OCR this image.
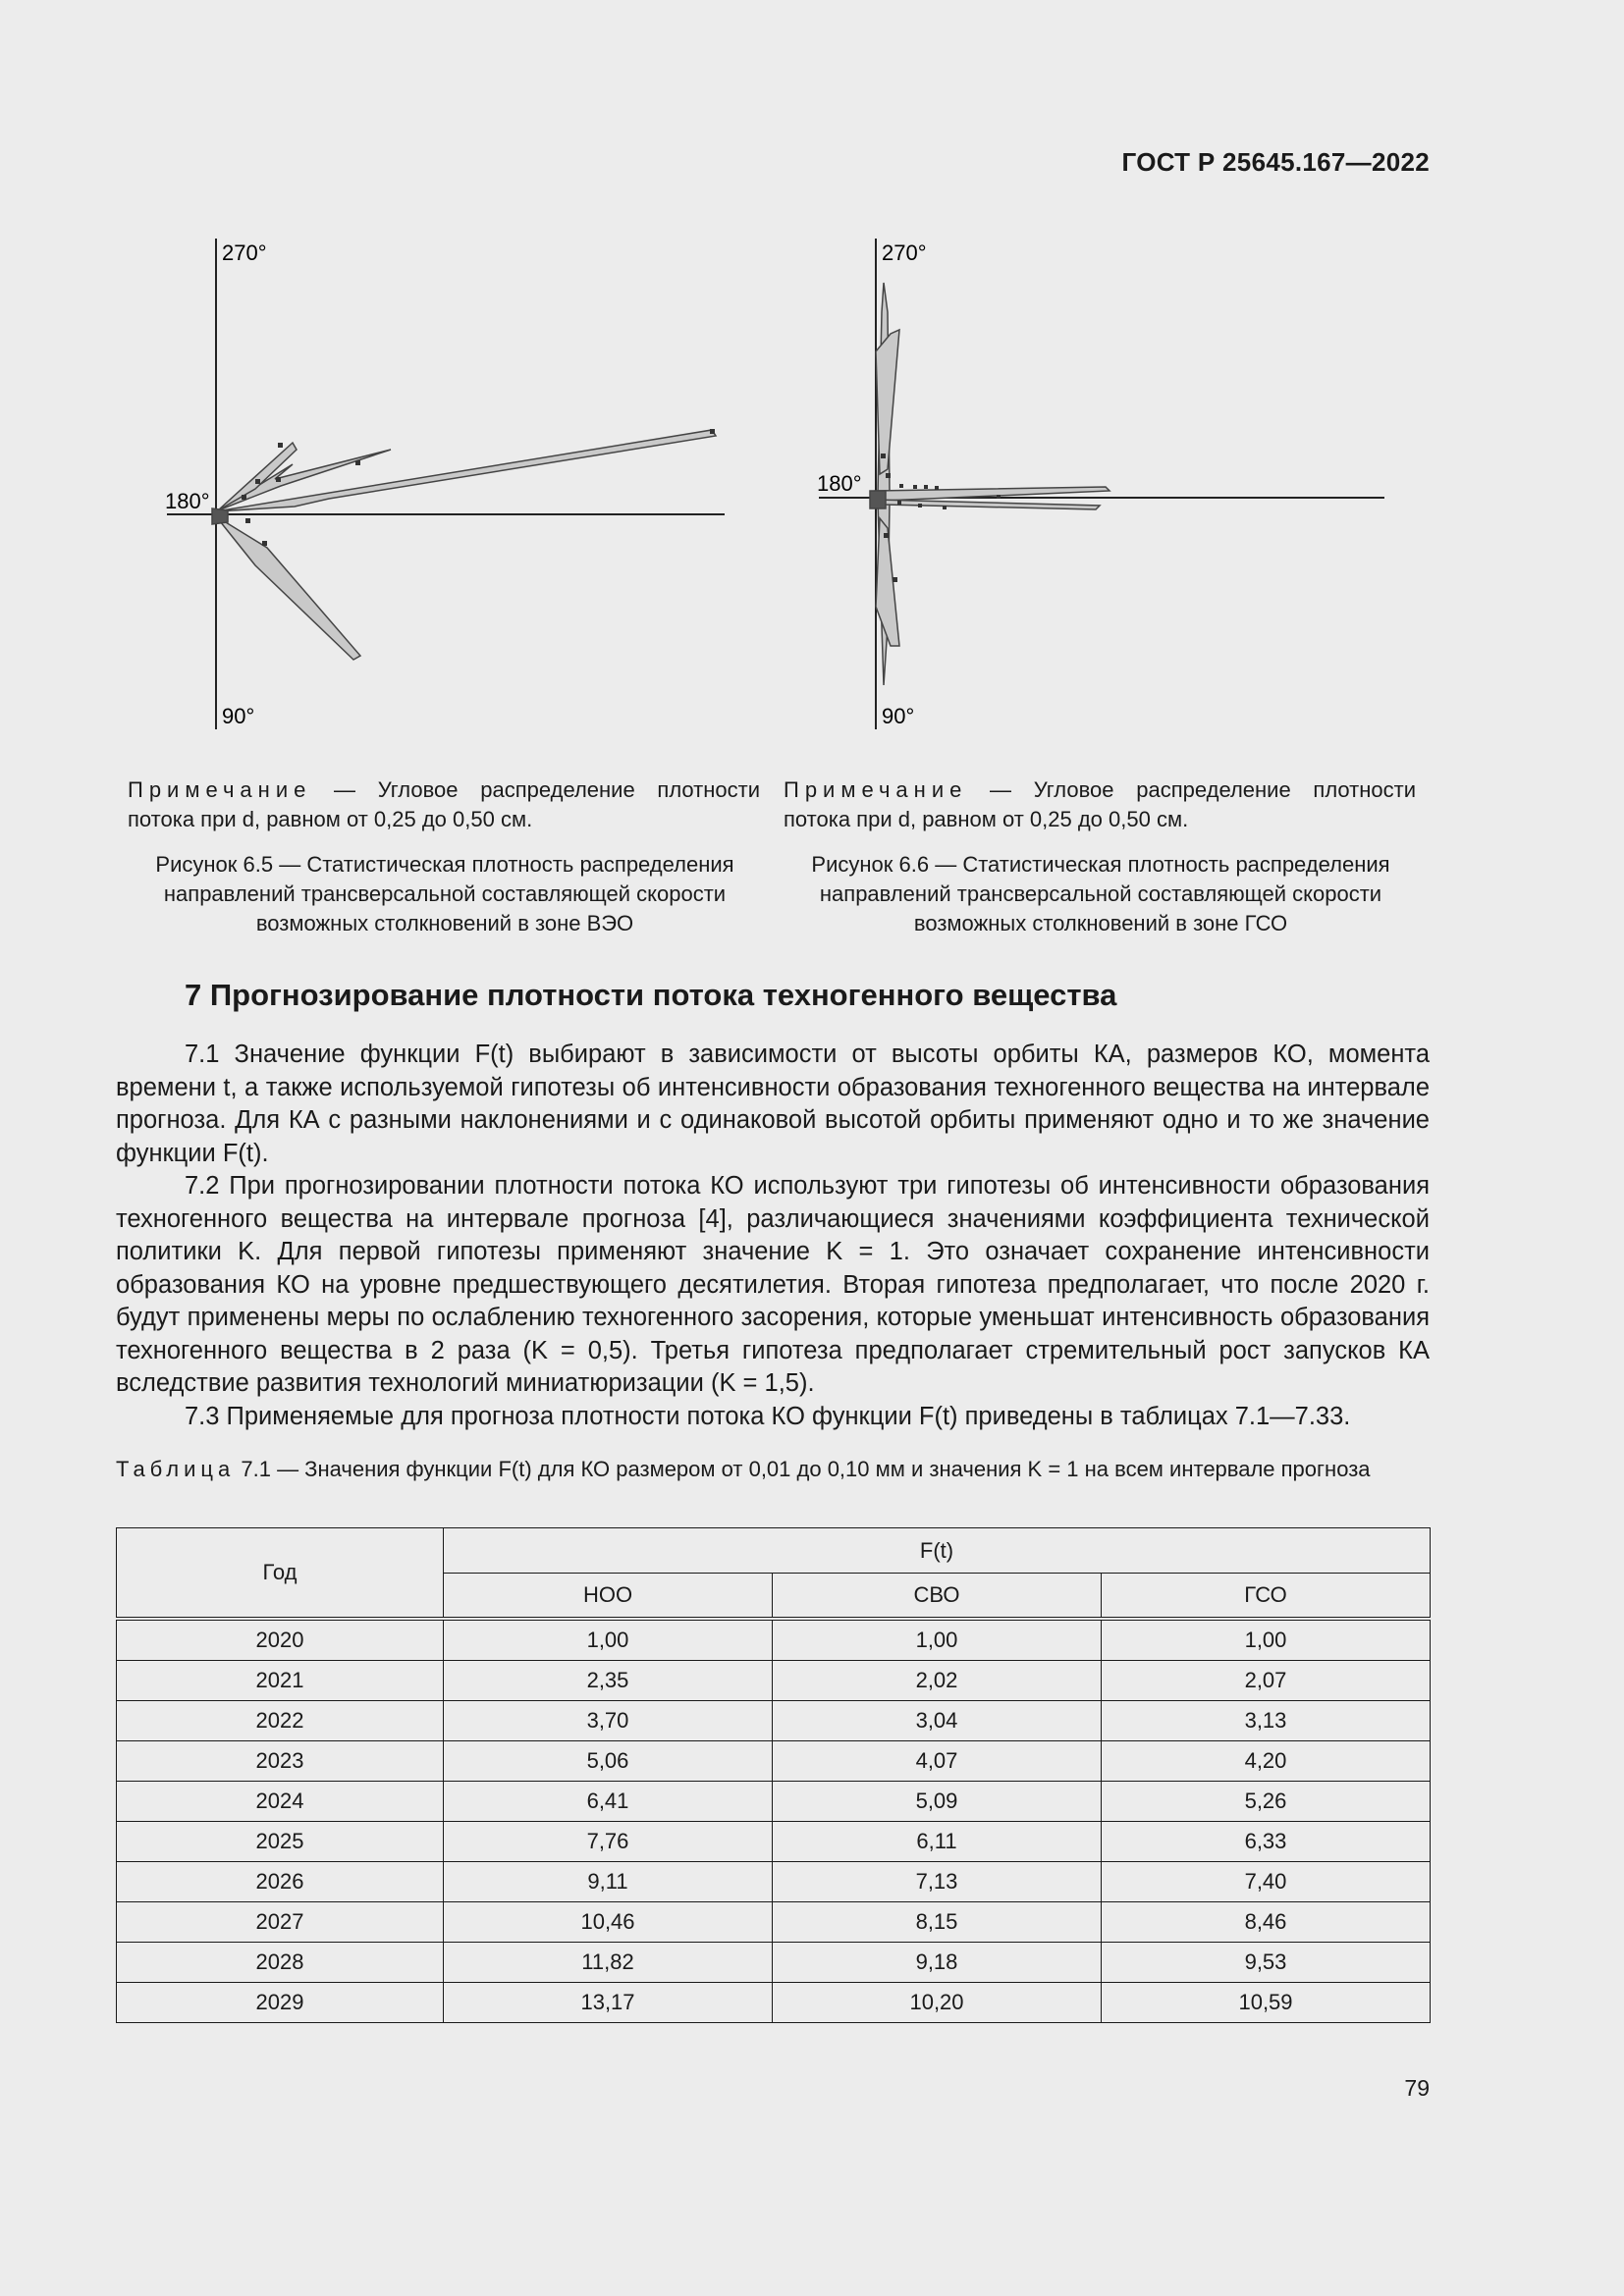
ГОСТ Р 25645.167—2022
270°
180°
90°
Примечание — Угловое распределение плотности потока при d, равном от 0,25 до 0,50 см.
Рисунок 6.5 — Статистическая плотность распределения направлений трансверсальной составляющей скорости возможных столкновений в зоне ВЭО
270°
180°
90°
Примечание — Угловое распределение плотности потока при d, равном от 0,25 до 0,50 см.
Рисунок 6.6 — Статистическая плотность распределения направлений трансверсальной составляющей скорости возможных столкновений в зоне ГСО
7 Прогнозирование плотности потока техногенного вещества

7.1 Значение функции F(t) выбирают в зависимости от высоты орбиты КА, размеров КО, момента времени t, а также используемой гипотезы об интенсивности образования техногенного вещества на интервале прогноза. Для КА с разными наклонениями и с одинаковой высотой орбиты применяют одно и то же значение функции F(t).

7.2 При прогнозировании плотности потока КО используют три гипотезы об интенсивности образования техногенного вещества на интервале прогноза [4], различающиеся значениями коэффициента технической политики K. Для первой гипотезы применяют значение K = 1. Это означает сохранение интенсивности образования КО на уровне предшествующего десятилетия. Вторая гипотеза предполагает, что после 2020 г. будут применены меры по ослаблению техногенного засорения, которые уменьшат интенсивность образования техногенного вещества в 2 раза (K = 0,5). Третья гипотеза предполагает стремительный рост запусков КА вследствие развития технологий миниатюризации (K = 1,5).

7.3 Применяемые для прогноза плотности потока КО функции F(t) приведены в таблицах 7.1—7.33.

Таблица 7.1 — Значения функции F(t) для КО размером от 0,01 до 0,10 мм и значения K = 1 на всем интервале прогноза
Год	F(t)		
	НОО	СВО	ГСО
2020	1,00	1,00	1,00
2021	2,35	2,02	2,07
2022	3,70	3,04	3,13
2023	5,06	4,07	4,20
2024	6,41	5,09	5,26
2025	7,76	6,11	6,33
2026	9,11	7,13	7,40
2027	10,46	8,15	8,46
2028	11,82	9,18	9,53
2029	13,17	10,20	10,59
79
